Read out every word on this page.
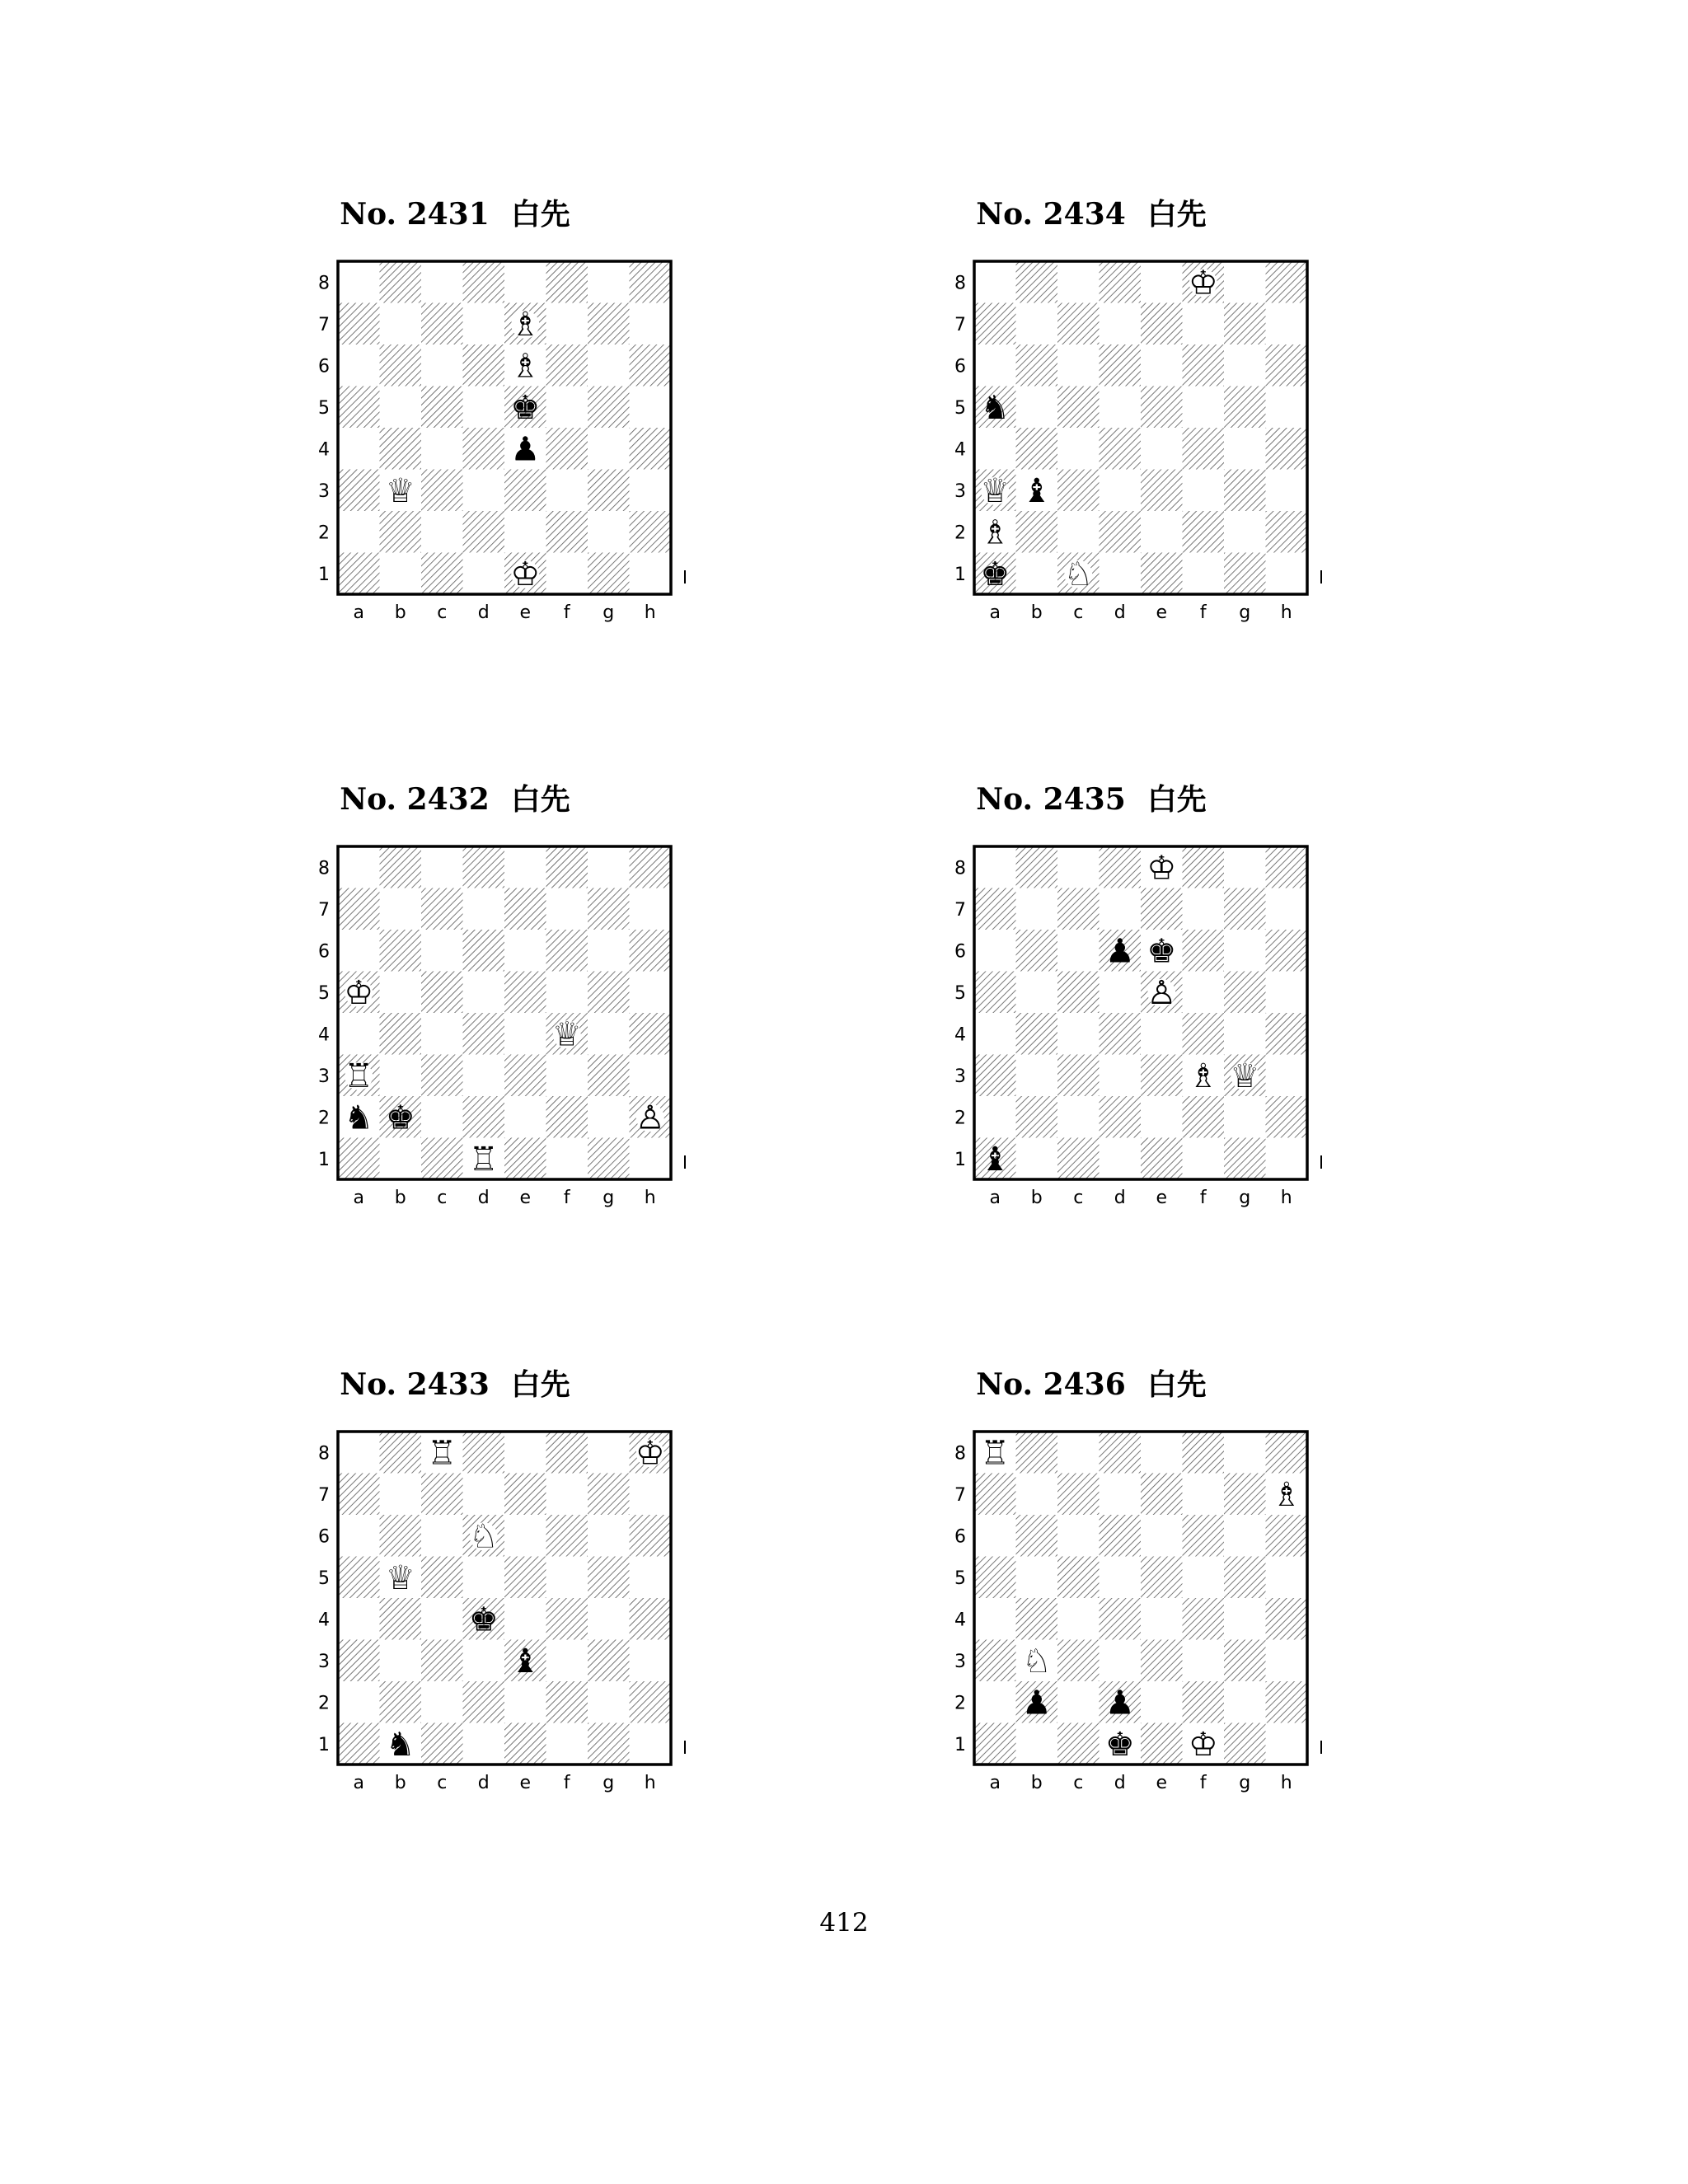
No. 2431 白先
8
7
6
5
4
3
2
1
a b c d e f g h
♗
♗
♚
♟
♕
♔
No. 2432 白先
8
7
6
5
4
3
2
1
a b c d e f g h
♔
♕
♖
♞ ♚	♙
♖
No. 2433 白先
8
7
6
5
4
3
2
1
a b c d e f g h
♖	♔
♘
♕
♚
♝
♞
No. 2434 白先
8
7
6
5
4
3
2
1
a b c d e f g h
♔
♞
♕ ♝
♗
♚ ♘
No. 2435 白先
8
7
6
5
4
3
2
1
a b c d e f g h
♔
♟ ♚
♙
♗ ♕
♝
No. 2436 白先
8
7
6
5
4
3
2
1
a b c d e f g h
♖
♗
♘
♟ ♟
♚ ♔
412
